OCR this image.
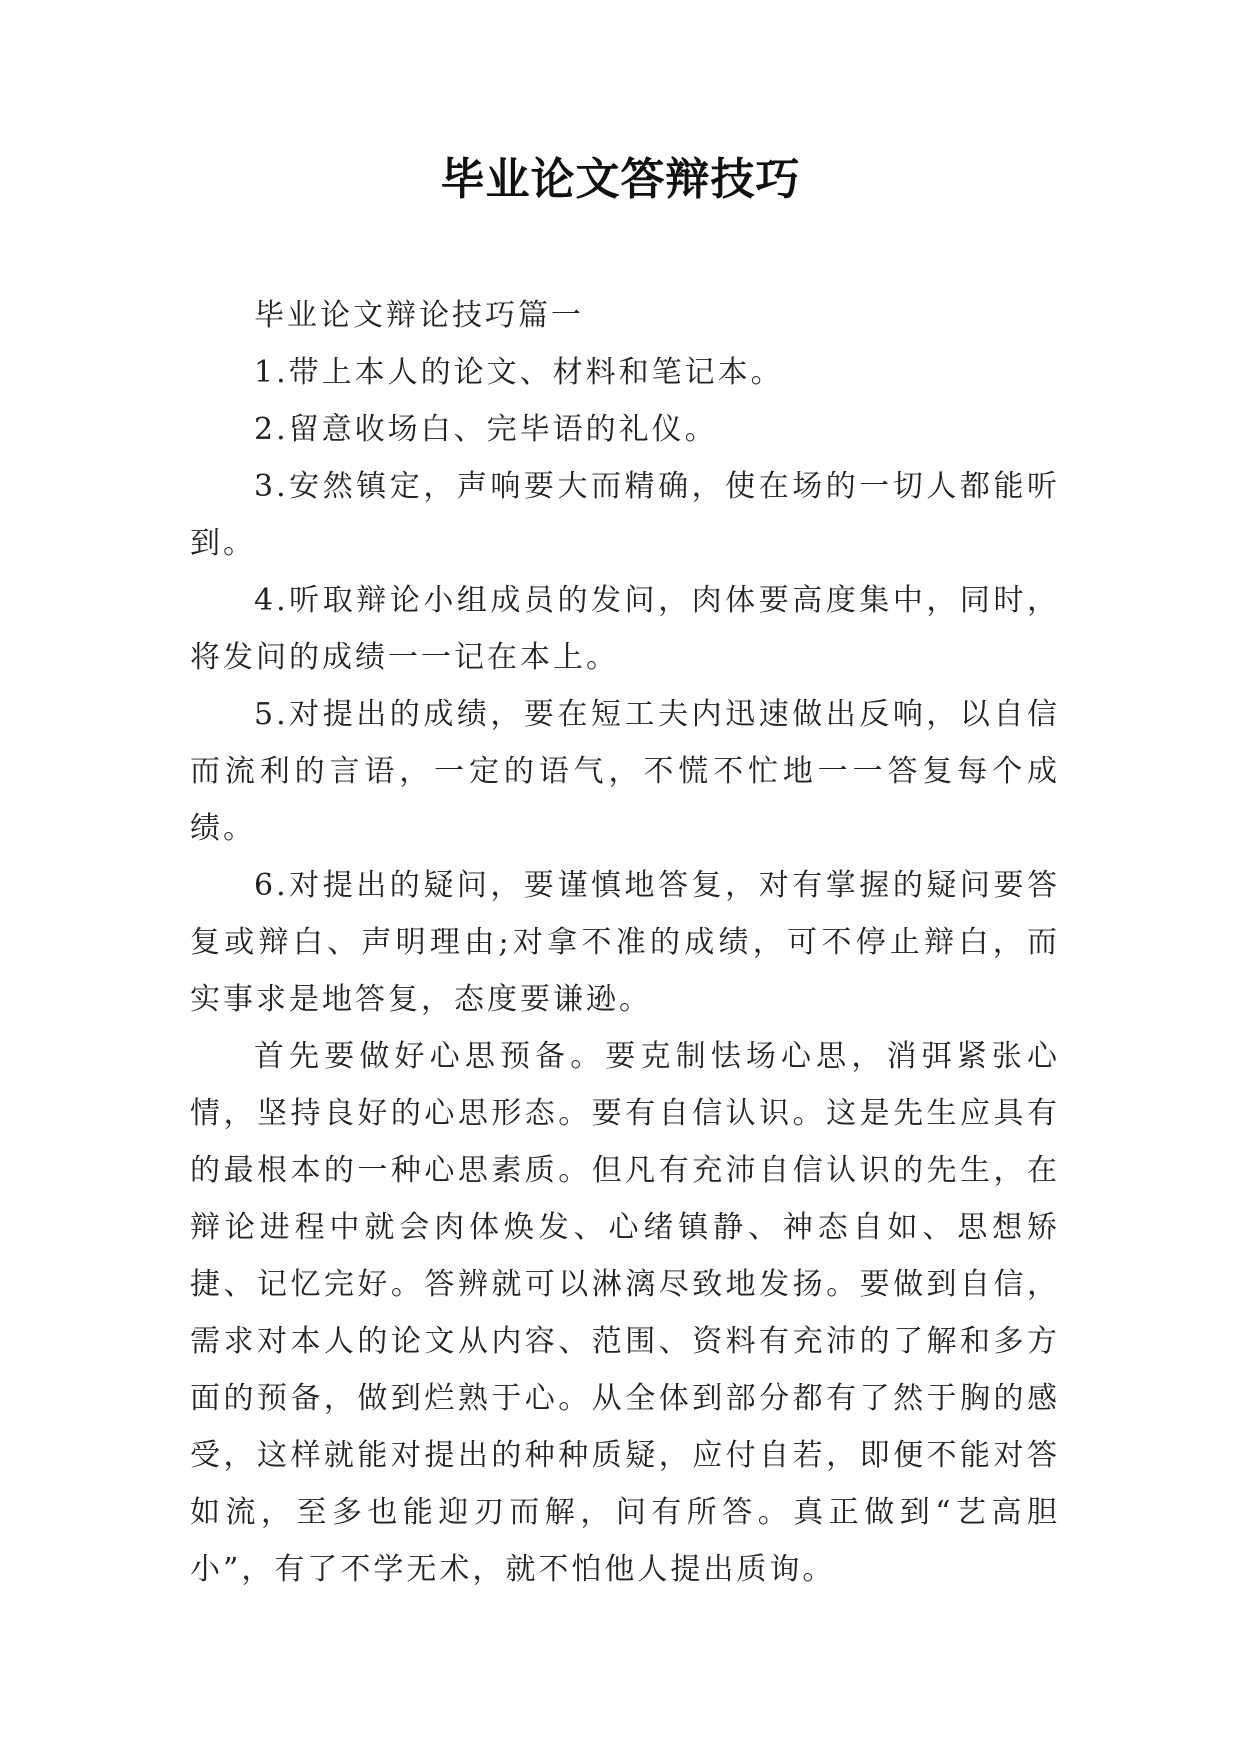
毕业论文答辩技巧

毕业论文辩论技巧篇一

1.带上本人的论文、材料和笔记本。

2.留意收场白、完毕语的礼仪。

3.安然镇定，声响要大而精确，使在场的一切人都能听到。

4.听取辩论小组成员的发问，肉体要高度集中，同时，将发问的成绩一一记在本上。

5.对提出的成绩，要在短工夫内迅速做出反响，以自信而流利的言语，一定的语气，不慌不忙地一一答复每个成绩。

6.对提出的疑问，要谨慎地答复，对有掌握的疑问要答复或辩白、声明理由;对拿不准的成绩，可不停止辩白，而实事求是地答复，态度要谦逊。

首先要做好心思预备。要克制怯场心思，消弭紧张心情，坚持良好的心思形态。要有自信认识。这是先生应具有的最根本的一种心思素质。但凡有充沛自信认识的先生，在辩论进程中就会肉体焕发、心绪镇静、神态自如、思想矫捷、记忆完好。答辨就可以淋漓尽致地发扬。要做到自信，需求对本人的论文从内容、范围、资料有充沛的了解和多方面的预备，做到烂熟于心。从全体到部分都有了然于胸的感受，这样就能对提出的种种质疑，应付自若，即便不能对答如流，至多也能迎刃而解，问有所答。真正做到“艺高胆小”，有了不学无术，就不怕他人提出质询。
